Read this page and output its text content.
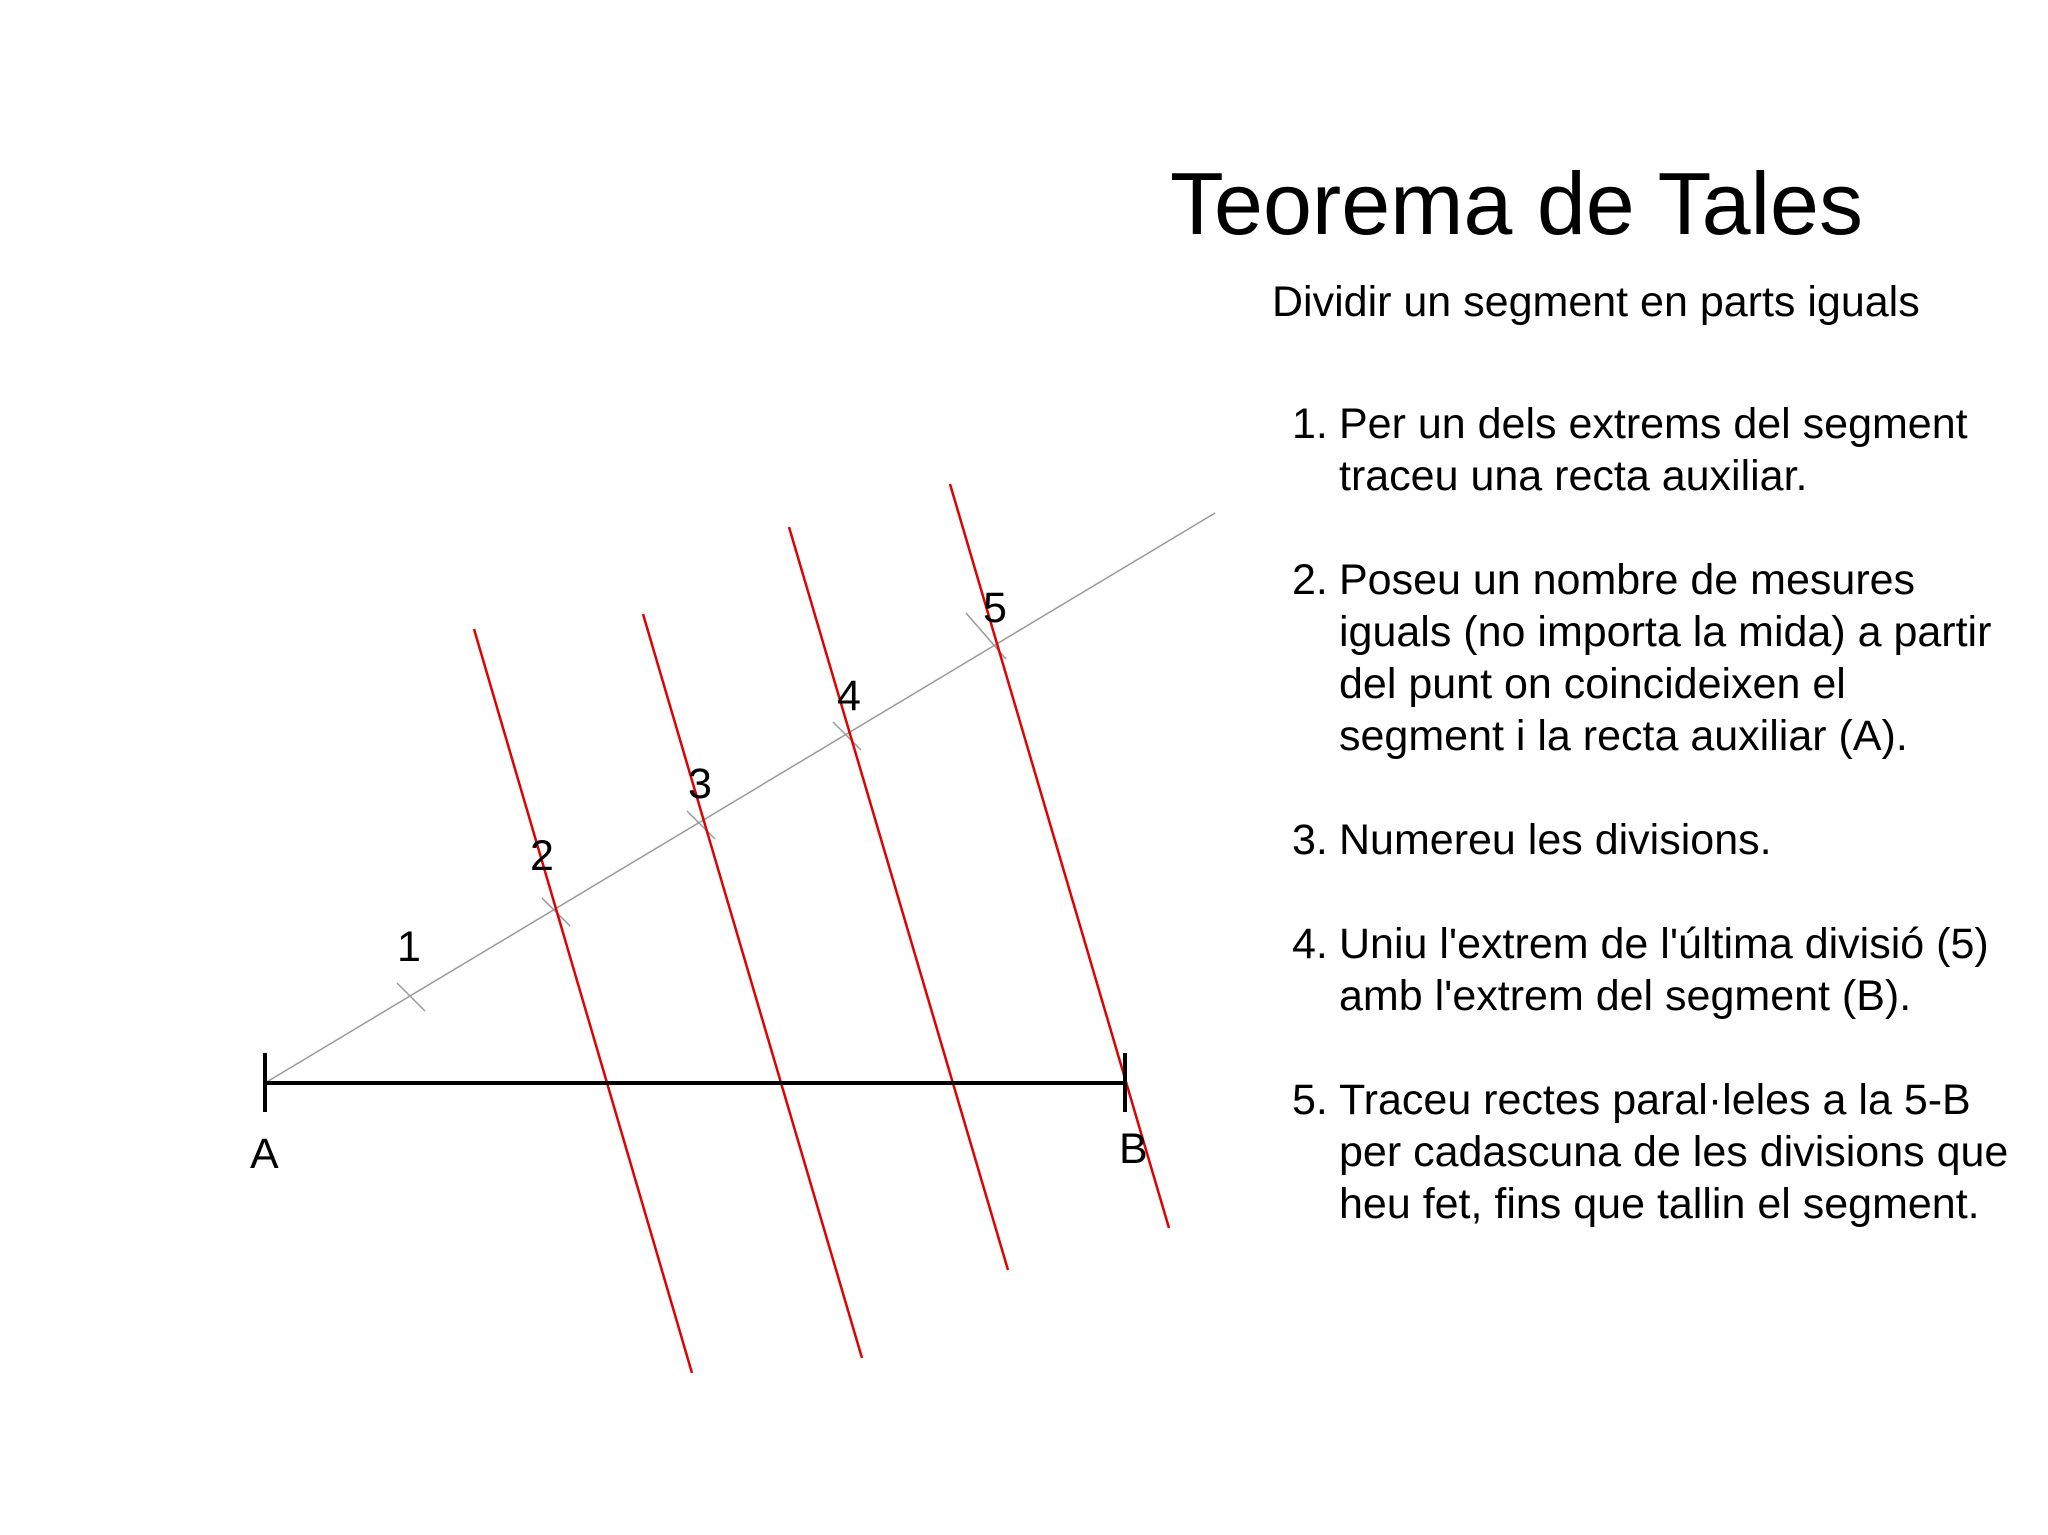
A	B
1
2
3
4
5
Teorema de Tales
Dividir un segment en parts iguals
1. Per un dels extrems del segment traceu una recta auxiliar.
2. Poseu un nombre de mesures iguals (no importa la mida) a partir del punt on coincideixen el segment i la recta auxiliar (A).
3. Numereu les divisions.
4. Uniu l'extrem de l'última divisió (5) amb l'extrem del segment (B).
5. Traceu rectes paral·leles a la 5-B per cadascuna de les divisions que heu fet, fins que tallin el segment.
